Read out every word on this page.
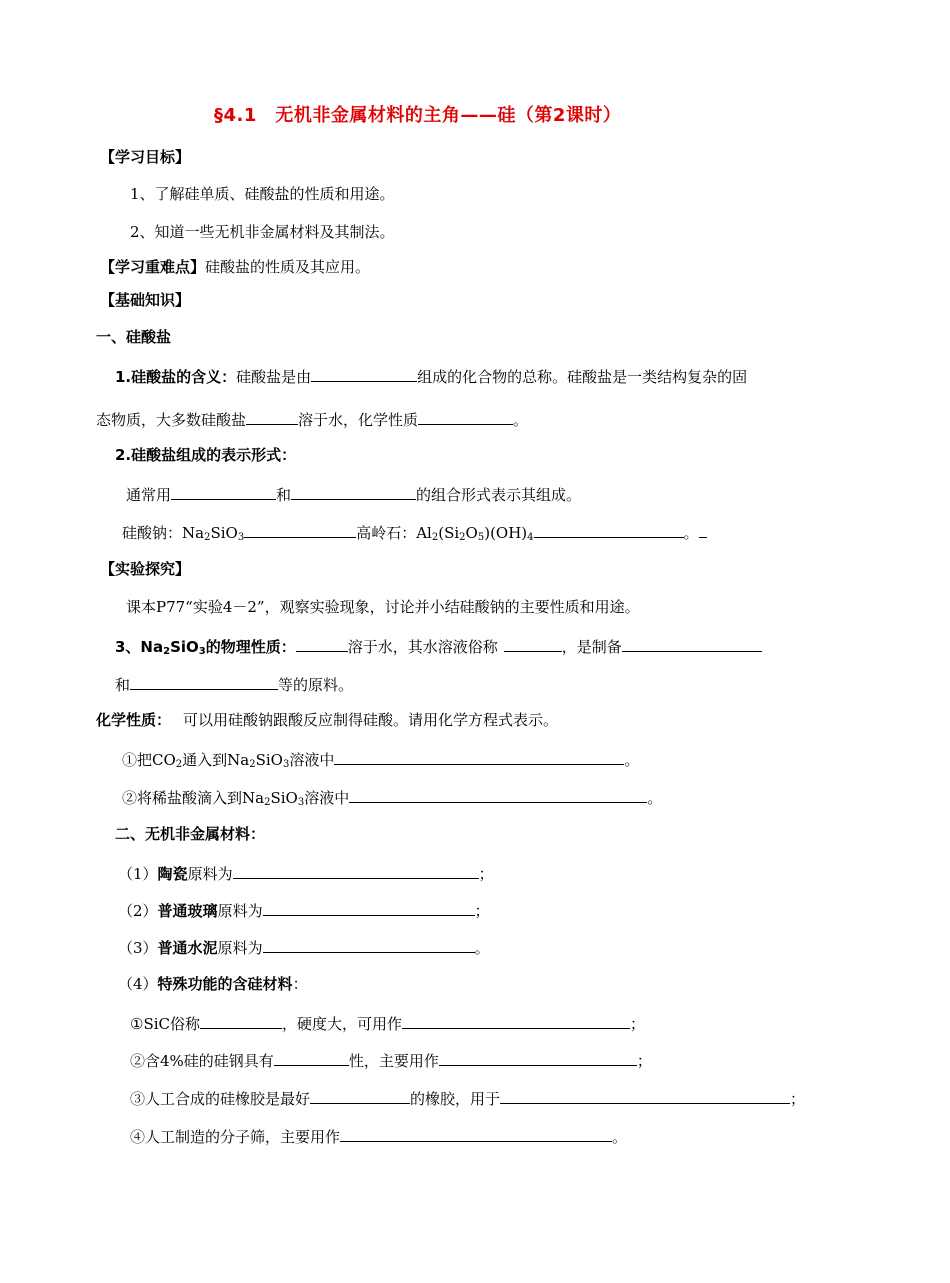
§4.1　无机非金属材料的主角——硅（第2课时）
【学习目标】
1、了解硅单质、硅酸盐的性质和用途。
2、知道一些无机非金属材料及其制法。
【学习重难点】硅酸盐的性质及其应用。
【基础知识】
一、硅酸盐
1.硅酸盐的含义：硅酸盐是由	组成的化合物的总称。硅酸盐是一类结构复杂的固
态物质，大多数硅酸盐	溶于水，化学性质	。
2.硅酸盐组成的表示形式：
通常用	和	的组合形式表示其组成。
硅酸钠：$Na_2SiO_3$	高岭石：$Al_2(Si_2O_5)(OH)_4$	。
【实验探究】
课本P77“实验4－2”，观察实验现象，讨论并小结硅酸钠的主要性质和用途。
3、$Na_2SiO_3$的物理性质：	溶于水，其水溶液俗称	，是制备
和	等的原料。
化学性质： 可以用硅酸钠跟酸反应制得硅酸。请用化学方程式表示。
①把$CO_2$通入到$Na_2SiO_3$溶液中	。
②将稀盐酸滴入到$Na_2SiO_3$溶液中	。
二、无机非金属材料：
（1）陶瓷原料为	；
（2）普通玻璃原料为	；
（3）普通水泥原料为	。
（4）特殊功能的含硅材料：
①SiC俗称	，硬度大，可用作	；
②含4%硅的硅钢具有	性，主要用作	；
③人工合成的硅橡胶是最好	的橡胶，用于	；
④人工制造的分子筛，主要用作	。
